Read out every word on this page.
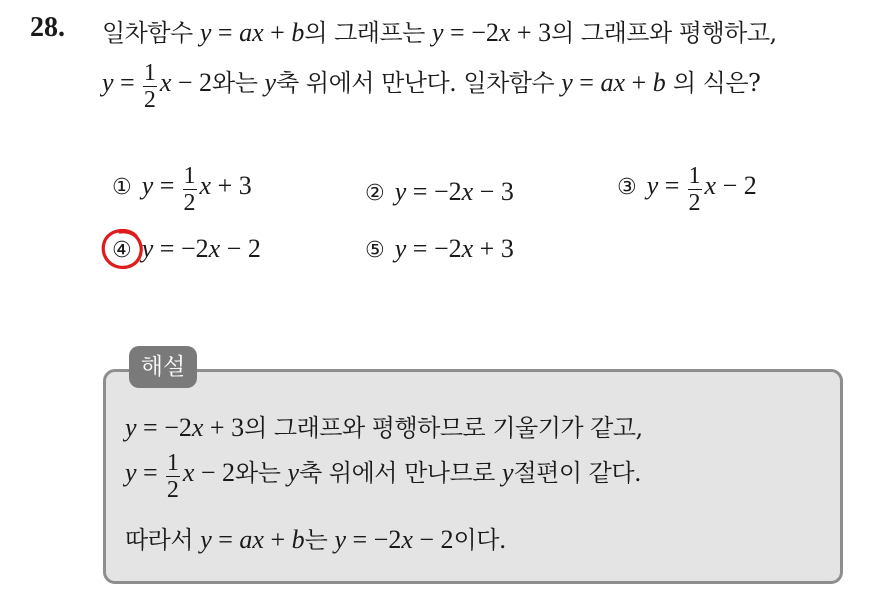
28. 일차함수 y = ax + b의 그래프는 y = −2x + 3의 그래프와 평행하고,
$y = \frac{1}{2}$ x − 2와는 y축 위에서 만난다. 일차함수 y = ax + b 의 식은?
① $y = \frac{1}{2}$ x + 3	② y = −2x − 3	③ $y = \frac{1}{2}$ x − 2
④ y = −2x − 2	⑤ y = −2x + 3
해설
y = −2x + 3의 그래프와 평행하므로 기울기가 같고,
$y = \frac{1}{2}$ x − 2와는 y축 위에서 만나므로 y절편이 같다.
따라서 y = ax + b는 y = −2x − 2이다.
